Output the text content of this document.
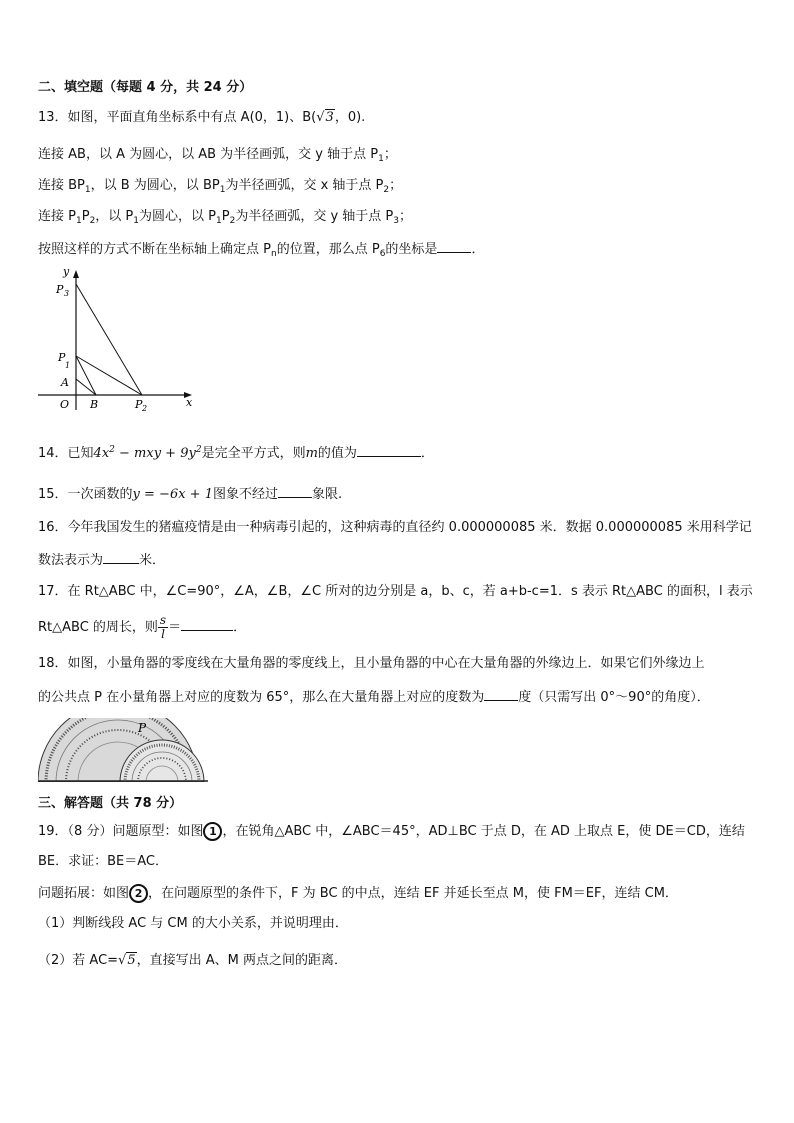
二、填空题（每题 4 分，共 24 分）
13．如图，平面直角坐标系中有点 A(0，1)、B(√3，0).
连接 AB，以 A 为圆心，以 AB 为半径画弧，交 y 轴于点 $P_1$；
连接 $BP_1$，以 B 为圆心，以 $BP_1$为半径画弧，交 x 轴于点 $P_2$；
连接 $P_1P_2$，以 $P_1$为圆心，以 $P_1P_2$为半径画弧，交 y 轴于点 $P_3$；
按照这样的方式不断在坐标轴上确定点 $P_n$的位置，那么点 $P_6$的坐标是	．
y
x
O
A
B
P
1
P 2
P 3
14．已知$4x^2$ − mxy + $9y^2$是完全平方式，则m的值为	．
15．一次函数的y = −6x + 1图象不经过	象限.
16．今年我国发生的猪瘟疫情是由一种病毒引起的，这种病毒的直径约 0.000000085 米．数据 0.000000085 米用科学记
数法表示为	米．
17．在 Rt△ABC 中，∠C=90°，∠A，∠B，∠C 所对的边分别是 a，b、c，若 a+b-c=1．s 表示 Rt△ABC 的面积，l 表示
Rt△ABC 的周长，则 $\frac{s}{l}$ ＝	．
18．如图，小量角器的零度线在大量角器的零度线上，且小量角器的中心在大量角器的外缘边上．如果它们外缘边上
的公共点 P 在小量角器上对应的度数为 65°，那么在大量角器上对应的度数为	度（只需写出 0°～90°的角度）．
P
三、解答题（共 78 分）
19．（8 分）问题原型：如图 1 ，在锐角△ABC 中，∠ABC＝45°，AD⊥BC 于点 D，在 AD 上取点 E，使 DE＝CD，连结
BE．求证：BE＝AC．
问题拓展：如图 2 ，在问题原型的条件下，F 为 BC 的中点，连结 EF 并延长至点 M，使 FM＝EF，连结 CM．
（1）判断线段 AC 与 CM 的大小关系，并说明理由．
（2）若 AC=√5，直接写出 A、M 两点之间的距离．
